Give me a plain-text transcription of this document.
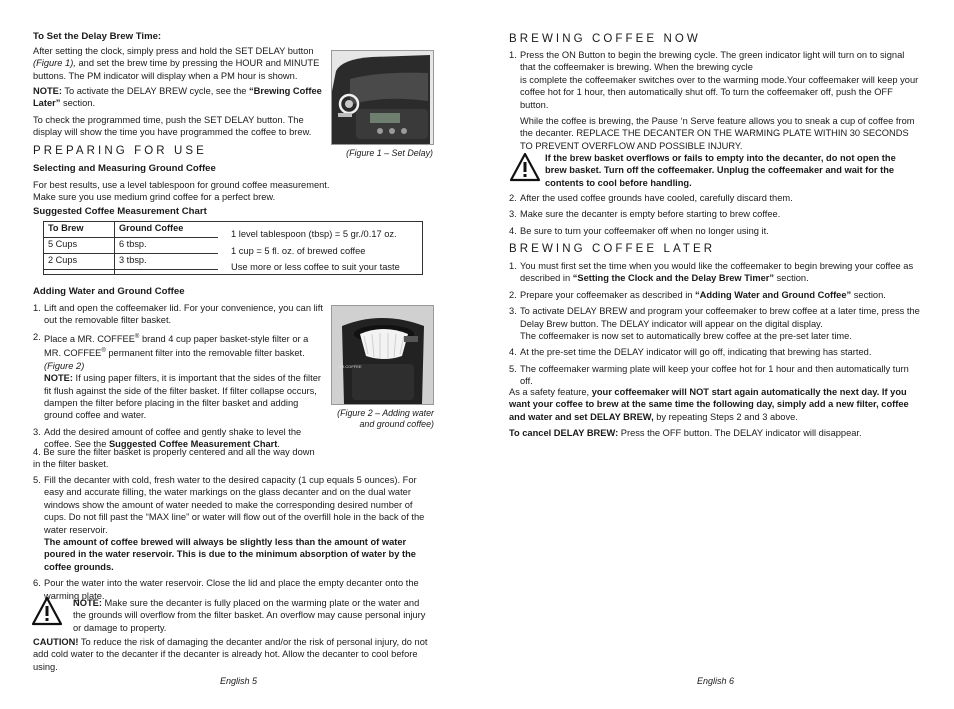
To Set the Delay Brew Time:

After setting the clock, simply press and hold the SET DELAY button (Figure 1), and set the brew time by pressing the HOUR and MINUTE buttons. The PM indicator will display when a PM hour is shown.

NOTE: To activate the DELAY BREW cycle, see the “Brewing Coffee Later” section.

To check the programmed time, push the SET DELAY button. The display will show the time you have programmed the coffee to brew.

PREPARING FOR USE	(Figure 1 – Set Delay)

Selecting and Measuring Ground Coffee

For best results, use a level tablespoon for ground coffee measurement. Make sure you use medium grind coffee for a perfect brew.

Suggested Coffee Measurement Chart

To Brew	Ground Coffee
5 Cups	6 tbsp.
2 Cups	3 tbsp.

1 level tablespoon (tbsp) = 5 gr./0.17 oz.

1 cup = 5 fl. oz. of brewed coffee

Use more or less coffee to suit your taste

Adding Water and Ground Coffee

1. Lift and open the coffeemaker lid. For your convenience, you can lift out the removable filter basket.
2. Place a MR. COFFEE® brand 4 cup paper basket-style filter or a MR. COFFEE® permanent filter into the removable filter basket.
(Figure 2)
NOTE: If using paper filters, it is important that the sides of the filter fit flush against the side of the filter basket. If filter collapse occurs, dampen the filter before placing in the filter basket and adding ground coffee and water.
3. Add the desired amount of coffee and gently shake to level the coffee. See the Suggested Coffee Measurement Chart.
MR.COFFEE

(Figure 2 – Adding water

and ground coffee)

4. Be sure the filter basket is properly centered and all the way down in the filter basket.

5. Fill the decanter with cold, fresh water to the desired capacity (1 cup equals 5 ounces). For easy and accurate filling, the water markings on the glass decanter and on the dual water windows show the amount of water needed to make the corresponding desired number of cups. Do not fill past the “MAX line” or water will flow out of the overfill hole in the back of the water reservoir.
The amount of coffee brewed will always be slightly less than the amount of water poured in the water reservoir. This is due to the minimum absorption of water by the coffee grounds.
6. Pour the water into the water reservoir. Close the lid and place the empty decanter onto the warming plate.

NOTE: Make sure the decanter is fully placed on the warming plate or the water and the grounds will overflow from the filter basket. An overflow may cause personal injury or damage to property.

CAUTION! To reduce the risk of damaging the decanter and/or the risk of personal injury, do not add cold water to the decanter if the decanter is already hot. Allow the decanter to cool before using.

English 5

BREWING COFFEE NOW

1. Press the ON Button to begin the brewing cycle. The green indicator light will turn on to signal that the coffeemaker is brewing. When the brewing cycle
is complete the coffeemaker switches over to the warming mode.Your coffeemaker will keep your coffee hot for 1 hour, then automatically shut off. To turn the coffeemaker off, push the OFF button.

While the coffee is brewing, the Pause ‘n Serve feature allows you to sneak a cup of coffee from the decanter. REPLACE THE DECANTER ON THE WARMING PLATE WITHIN 30 SECONDS TO PREVENT OVERFLOW AND POSSIBLE INJURY.

If the brew basket overflows or fails to empty into the decanter, do not open the brew basket. Turn off the coffeemaker. Unplug the coffeemaker and wait for the contents to cool before handling.

2. After the used coffee grounds have cooled, carefully discard them.
3. Make sure the decanter is empty before starting to brew coffee.
4. Be sure to turn your coffeemaker off when no longer using it.

BREWING COFFEE LATER

1. You must first set the time when you would like the coffeemaker to begin brewing your coffee as described in “Setting the Clock and the Delay Brew Timer” section.
2. Prepare your coffeemaker as described in “Adding Water and Ground Coffee” section.
3. To activate DELAY BREW and program your coffeemaker to brew coffee at a later time, press the Delay Brew button. The DELAY indicator will appear on the digital display.
The coffeemaker is now set to automatically brew coffee at the pre-set later time.
4. At the pre-set time the DELAY indicator will go off, indicating that brewing has started.
5. The coffeemaker warming plate will keep your coffee hot for 1 hour and then automatically turn off.

As a safety feature, your coffeemaker will NOT start again automatically the next day. If you want your coffee to brew at the same time the following day, simply add a new filter, coffee and water and set DELAY BREW, by repeating Steps 2 and 3 above.

To cancel DELAY BREW: Press the OFF button. The DELAY indicator will disappear.

English 6
